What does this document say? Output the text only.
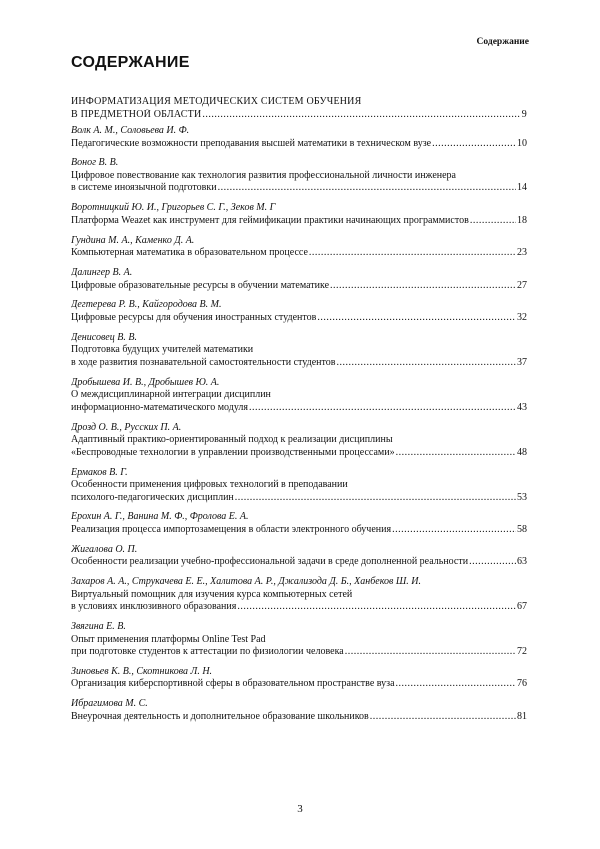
Содержание
СОДЕРЖАНИЕ
ИНФОРМАТИЗАЦИЯ МЕТОДИЧЕСКИХ СИСТЕМ ОБУЧЕНИЯ
В ПРЕДМЕТНОЙ ОБЛАСТИ .....	9
Волк А. М., Соловьева И. Ф.
Педагогические возможности преподавания высшей математики в техническом вузе .....	10
Воног В. В.
Цифровое повествование как технология развития профессиональной личности инженера
в системе иноязычной подготовки .....	14
Воротницкий Ю. И., Григорьев С. Г., Зеков М. Г
Платформа Weazet как инструмент для геймификации практики начинающих программистов .....	18
Гундина М. А., Каменко Д. А.
Компьютерная математика в образовательном процессе .....	23
Далингер В. А.
Цифровые образовательные ресурсы в обучении математике .....	27
Дегтерева Р. В., Кайгородова В. М.
Цифровые ресурсы для обучения иностранных студентов .....	32
Денисовец В. В.
Подготовка будущих учителей математики
в ходе развития познавательной самостоятельности студентов .....	37
Дробышева И. В., Дробышев Ю. А.
О междисциплинарной интеграции дисциплин
информационно-математического модуля .....	43
Дрозд О. В., Русских П. А.
Адаптивный практико-ориентированный подход к реализации дисциплины
«Беспроводные технологии в управлении производственными процессами» .....	48
Ермаков В. Г.
Особенности применения цифровых технологий в преподавании
психолого-педагогических дисциплин .....	53
Ерохин А. Г., Ванина М. Ф., Фролова Е. А.
Реализация процесса импортозамещения в области электронного обучения .....	58
Жигалова О. П.
Особенности реализации учебно-профессиональной задачи в среде дополненной реальности .....	63
Захаров А. А., Струкачева Е. Е., Халитова А. Р., Джализода Д. Б., Ханбеков Ш. И.
Виртуальный помощник для изучения курса компьютерных сетей
в условиях инклюзивного образования .....	67
Звягина Е. В.
Опыт применения платформы Online Test Pad
при подготовке студентов к аттестации по физиологии человека .....	72
Зиновьев К. В., Скотникова Л. Н.
Организация киберспортивной сферы в образовательном пространстве вуза .....	76
Ибрагимова М. С.
Внеурочная деятельность и дополнительное образование школьников .....	81
3
